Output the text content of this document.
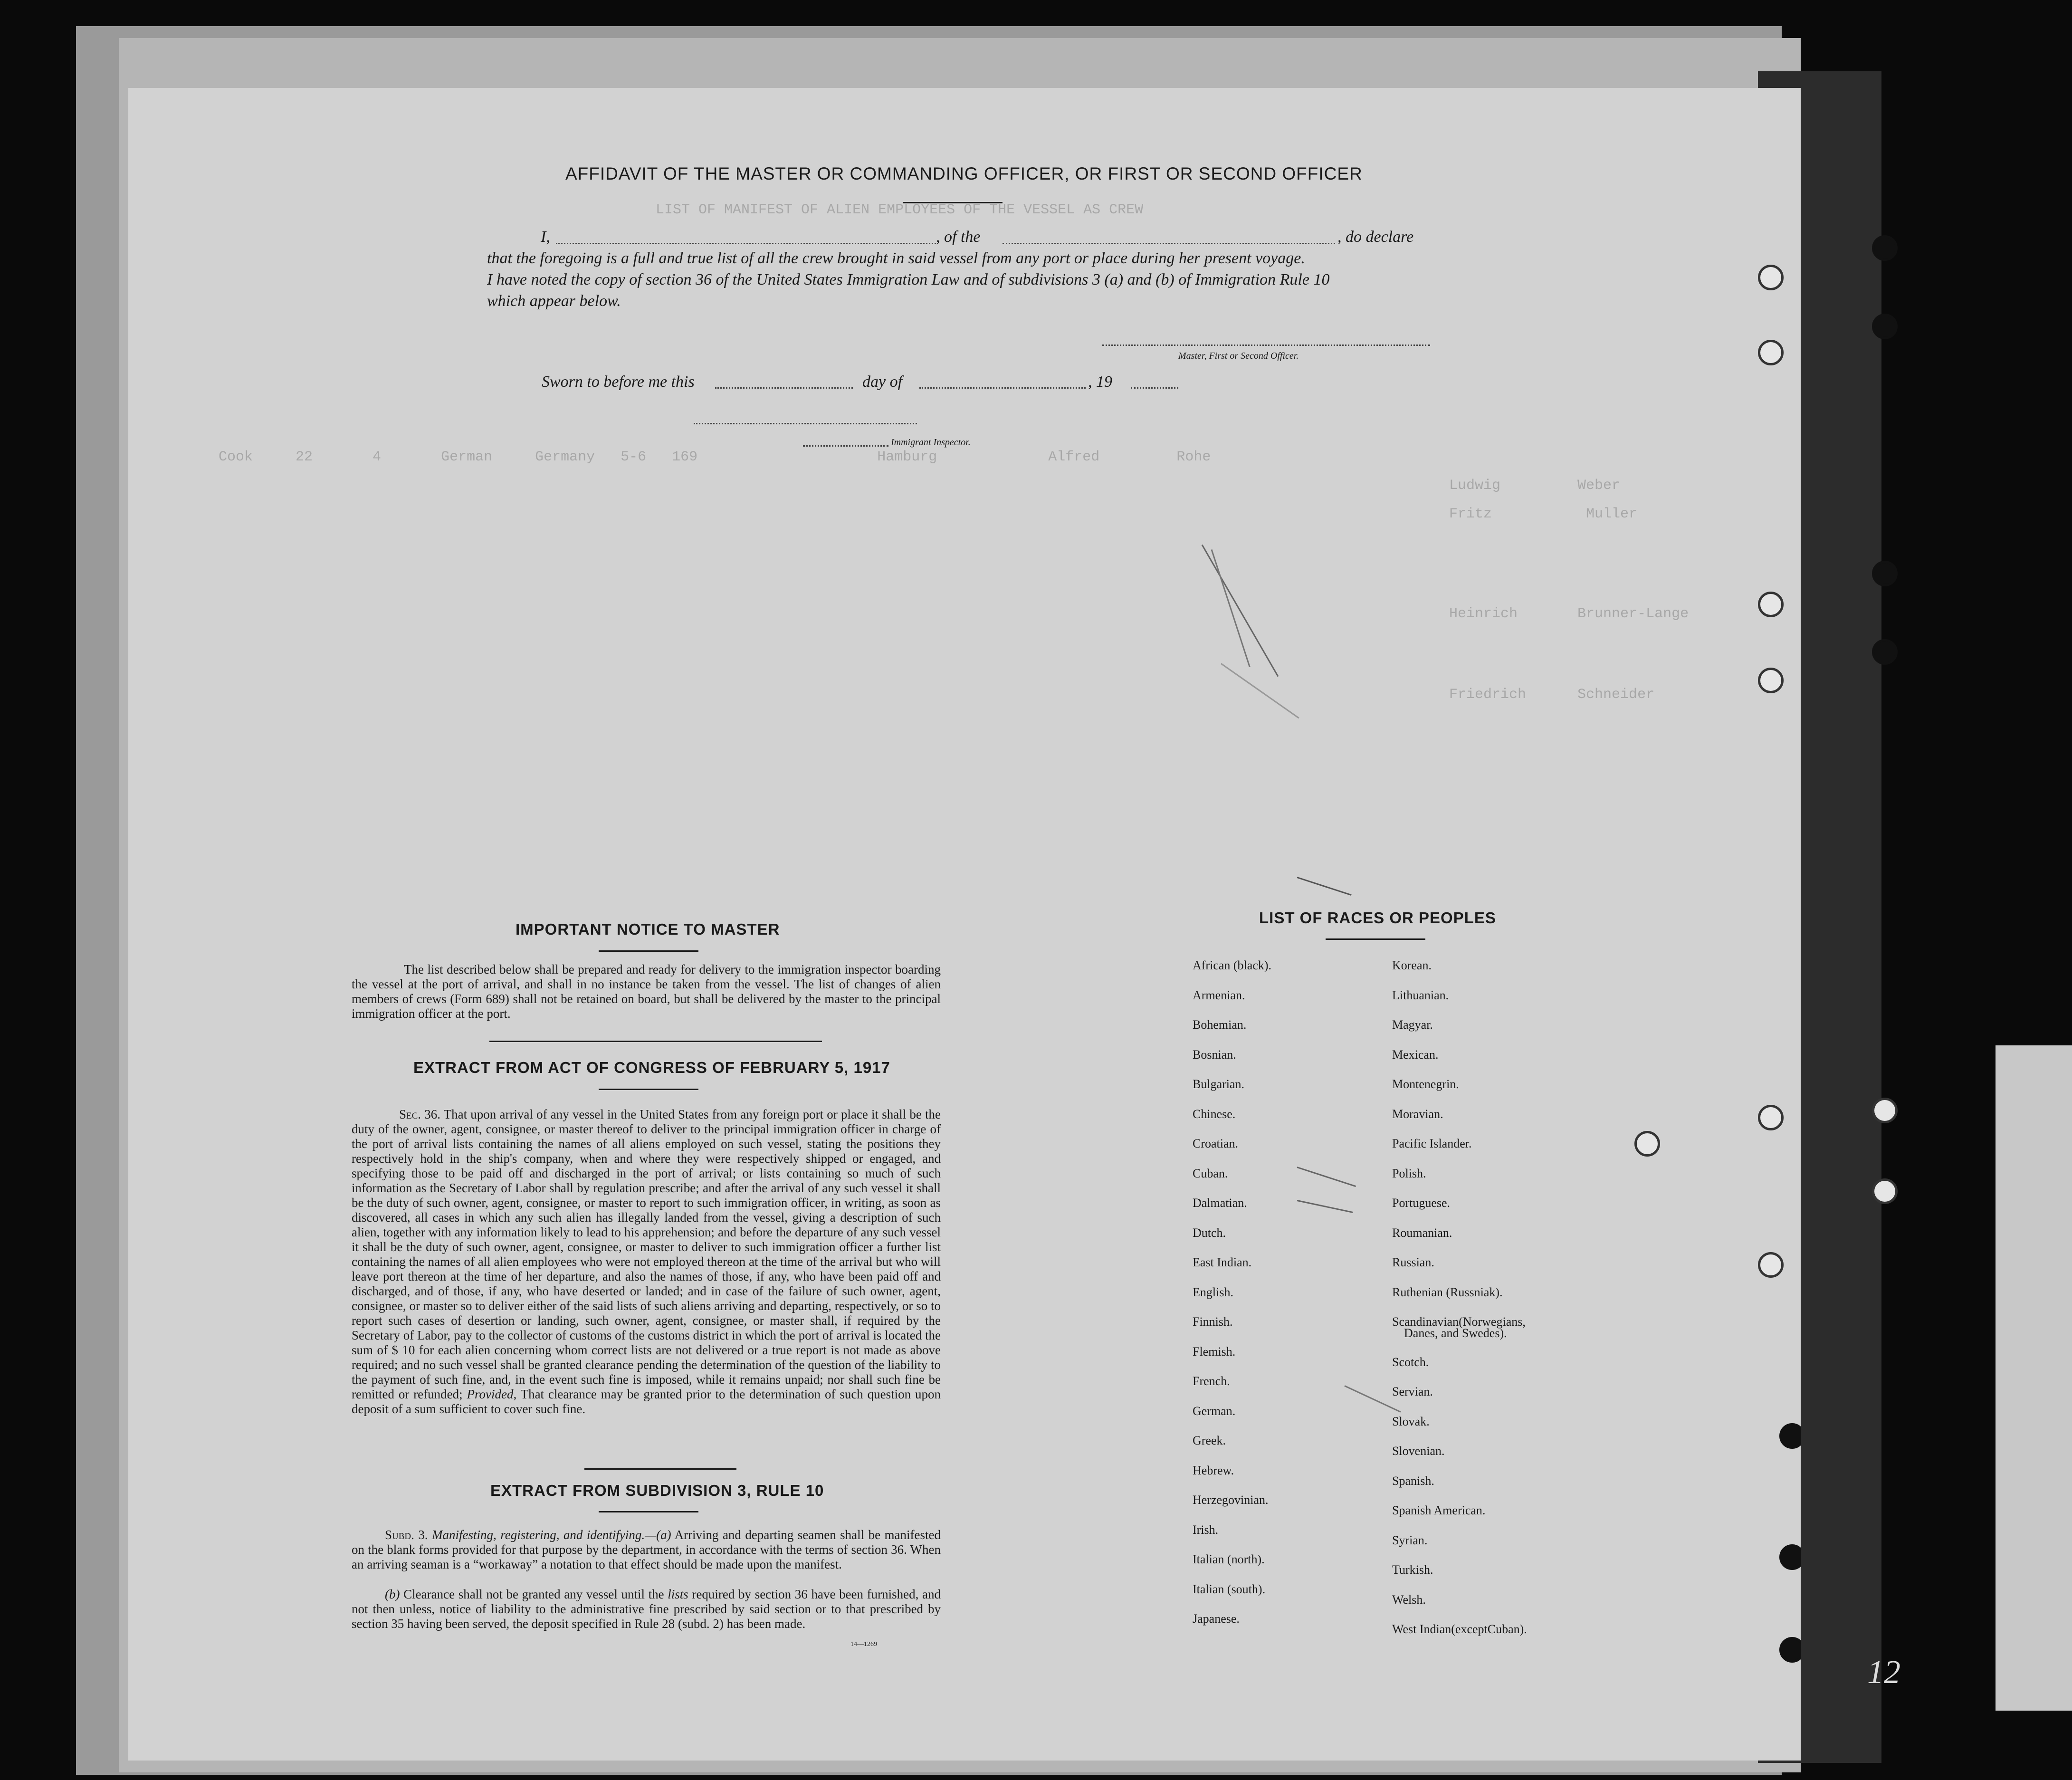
LIST OF MANIFEST OF ALIEN EMPLOYEES OF THE VESSEL AS CREW
Cook     22       4       German     Germany   5-6   169                     Hamburg             Alfred         Rohe
Ludwig         Weber
Fritz           Muller
Heinrich       Brunner-Lange
Friedrich      Schneider
AFFIDAVIT OF THE MASTER OR COMMANDING OFFICER, OR FIRST OR SECOND OFFICER
I,	, of the	, do declare
that the foregoing is a full and true list of all the crew brought in said vessel from any port or place during her present voyage.
I have noted the copy of section 36 of the United States Immigration Law and of subdivisions 3 (a) and (b) of Immigration Rule 10
which appear below.
Master, First or Second Officer.
Sworn to before me this	day of	, 19
Immigrant Inspector.
IMPORTANT NOTICE TO MASTER
The list described below shall be prepared and ready for delivery to the immigration inspector boarding the vessel at the port of arrival, and shall in no instance be taken from the vessel. The list of changes of alien members of crews (Form 689) shall not be retained on board, but shall be delivered by the master to the principal immigration officer at the port.
EXTRACT FROM ACT OF CONGRESS OF FEBRUARY 5, 1917
Sec. 36. That upon arrival of any vessel in the United States from any foreign port or place it shall be the duty of the owner, agent, consignee, or master thereof to deliver to the principal immigration officer in charge of the port of arrival lists containing the names of all aliens employed on such vessel, stating the positions they respectively hold in the ship's company, when and where they were respectively shipped or engaged, and specifying those to be paid off and discharged in the port of arrival; or lists containing so much of such information as the Secretary of Labor shall by regulation prescribe; and after the arrival of any such vessel it shall be the duty of such owner, agent, consignee, or master to report to such immigration officer, in writing, as soon as discovered, all cases in which any such alien has illegally landed from the vessel, giving a description of such alien, together with any information likely to lead to his apprehension; and before the departure of any such vessel it shall be the duty of such owner, agent, consignee, or master to deliver to such immigration officer a further list containing the names of all alien employees who were not employed thereon at the time of the arrival but who will leave port thereon at the time of her departure, and also the names of those, if any, who have been paid off and discharged, and of those, if any, who have deserted or landed; and in case of the failure of such owner, agent, consignee, or master so to deliver either of the said lists of such aliens arriving and departing, respectively, or so to report such cases of desertion or landing, such owner, agent, consignee, or master shall, if required by the Secretary of Labor, pay to the collector of customs of the customs district in which the port of arrival is located the sum of $ 10 for each alien concerning whom correct lists are not delivered or a true report is not made as above required; and no such vessel shall be granted clearance pending the determination of the question of the liability to the payment of such fine, and, in the event such fine is imposed, while it remains unpaid; nor shall such fine be remitted or refunded; Provided, That clearance may be granted prior to the determination of such question upon deposit of a sum sufficient to cover such fine.
EXTRACT FROM SUBDIVISION 3, RULE 10
Subd. 3. Manifesting, registering, and identifying.—(a) Arriving and departing seamen shall be manifested on the blank forms provided for that purpose by the department, in accordance with the terms of section 36. When an arriving seaman is a “workaway” a notation to that effect should be made upon the manifest.
(b) Clearance shall not be granted any vessel until the lists required by section 36 have been furnished, and not then unless, notice of liability to the administrative fine prescribed by said section or to that prescribed by section 35 having been served, the deposit specified in Rule 28 (subd. 2) has been made.
14—1269
LIST OF RACES OR PEOPLES
African (black).
Armenian.
Bohemian.
Bosnian.
Bulgarian.
Chinese.
Croatian.
Cuban.
Dalmatian.
Dutch.
East Indian.
English.
Finnish.
Flemish.
French.
German.
Greek.
Hebrew.
Herzegovinian.
Irish.
Italian (north).
Italian (south).
Japanese.
Korean.
Lithuanian.
Magyar.
Mexican.
Montenegrin.
Moravian.
Pacific Islander.
Polish.
Portuguese.
Roumanian.
Russian.
Ruthenian (Russniak).
Scandinavian(Norwegians,
Scotch.
Servian.
Slovak.
Slovenian.
Spanish.
Spanish American.
Syrian.
Turkish.
Welsh.
West Indian(exceptCuban).
Danes, and Swedes).
12
